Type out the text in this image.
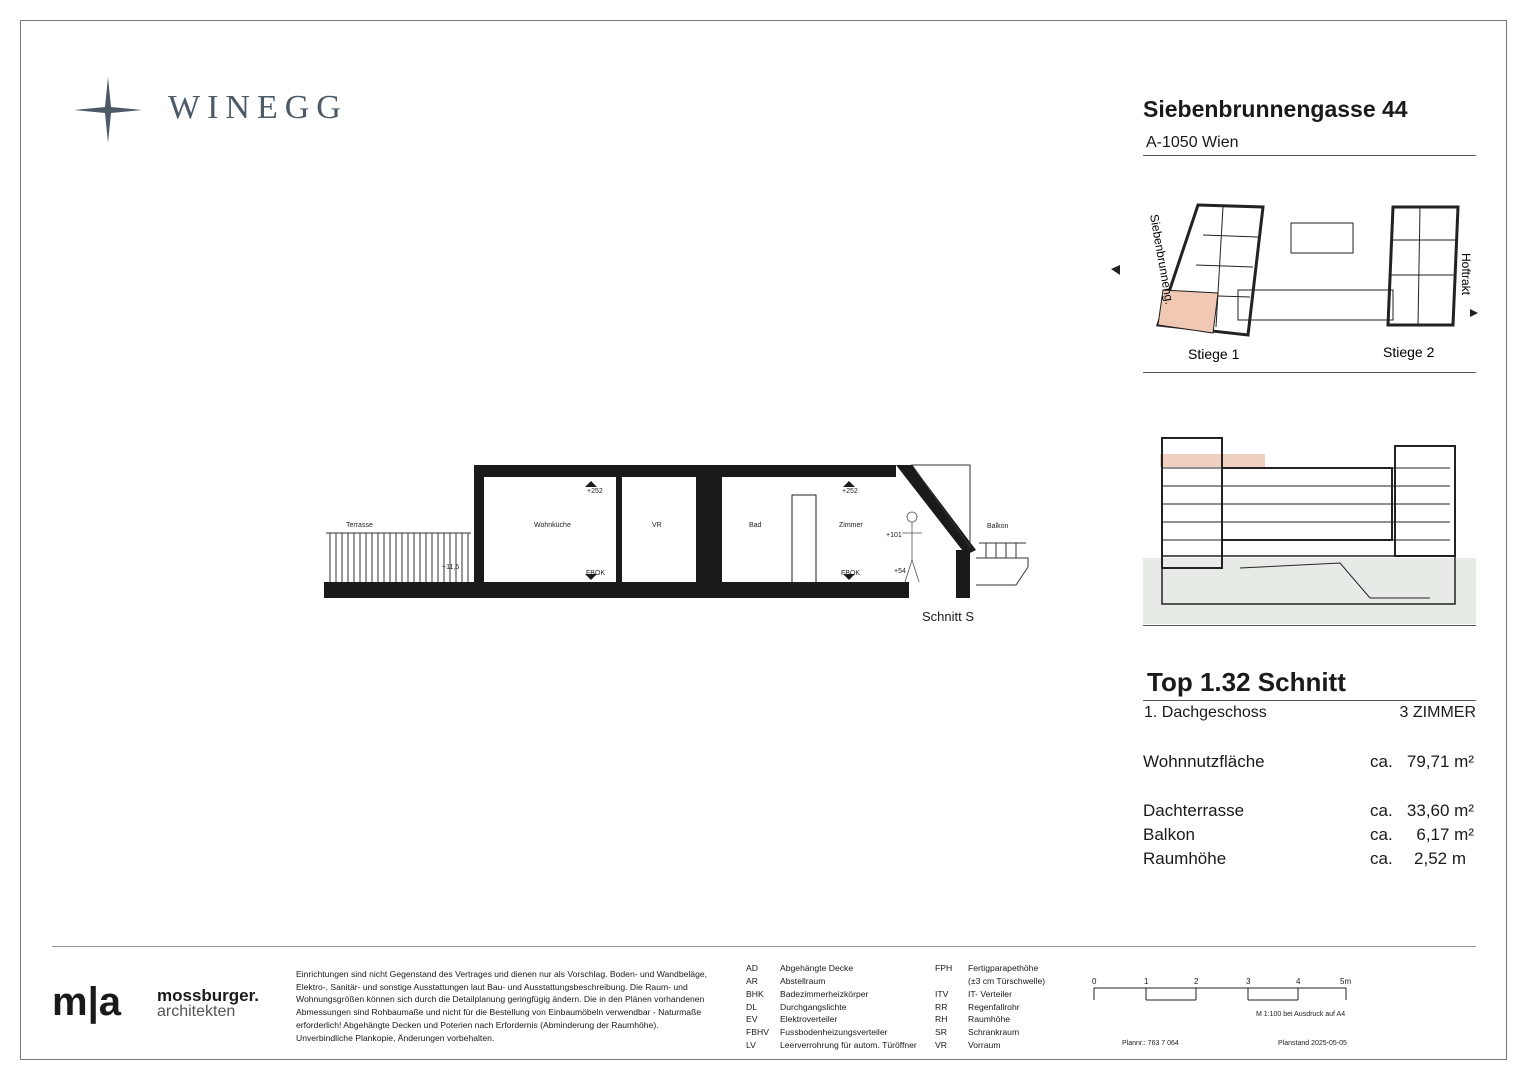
WINEGG	Siebenbrunnengasse 44
A-1050 Wien
Siebenbrunneng.	Hoftrakt
Stiege 1	Stiege 2
Terrasse	Wohnküche	VR	Bad	Zimmer	Balkon
+252	+252
FBOK	FBOK
+101
+54
+11,5
Schnitt S
Top 1.32 Schnitt
1. Dachgeschoss	3 ZIMMER
Wohnnutzfläche	ca. 79,71 m²
Dachterrasse	ca. 33,60 m²
Balkon	ca. 6,17 m²
Raumhöhe	ca. 2,52 m
m|a mossburger.
architekten
Einrichtungen sind nicht Gegenstand des Vertrages und dienen nur als Vorschlag. Boden- und Wandbeläge, Elektro-, Sanitär- und sonstige Ausstattungen laut Bau- und Ausstattungsbeschreibung. Die Raum- und Wohnungsgrößen können sich durch die Detailplanung geringfügig ändern. Die in den Plänen vorhandenen Abmessungen sind Rohbaumaße und nicht für die Bestellung von Einbaumöbeln verwendbar - Naturmaße erforderlich! Abgehängte Decken und Poterien nach Erfordernis (Abminderung der Raumhöhe). Unverbindliche Plankopie, Änderungen vorbehalten.
AD	Abgehängte Decke
AR	Abstellraum
BHK Badezimmerheizkörper
DL	Durchgangslichte
EV	Elektroverteiler
FBHV Fussbodenheizungsverteiler
LV	Leerverrohrung für autom. Türöffner
FPH Fertigparapethöhe
(±3 cm Türschwelle)
ITV IT- Verteiler
RR Regenfallrohr
RH Raumhöhe
SR Schrankraum
VR Vorraum
0	1	2	3	4	5m
M 1:100 bei Ausdruck auf A4
Plannr.: 763 7 064	Planstand 2025-05-05
